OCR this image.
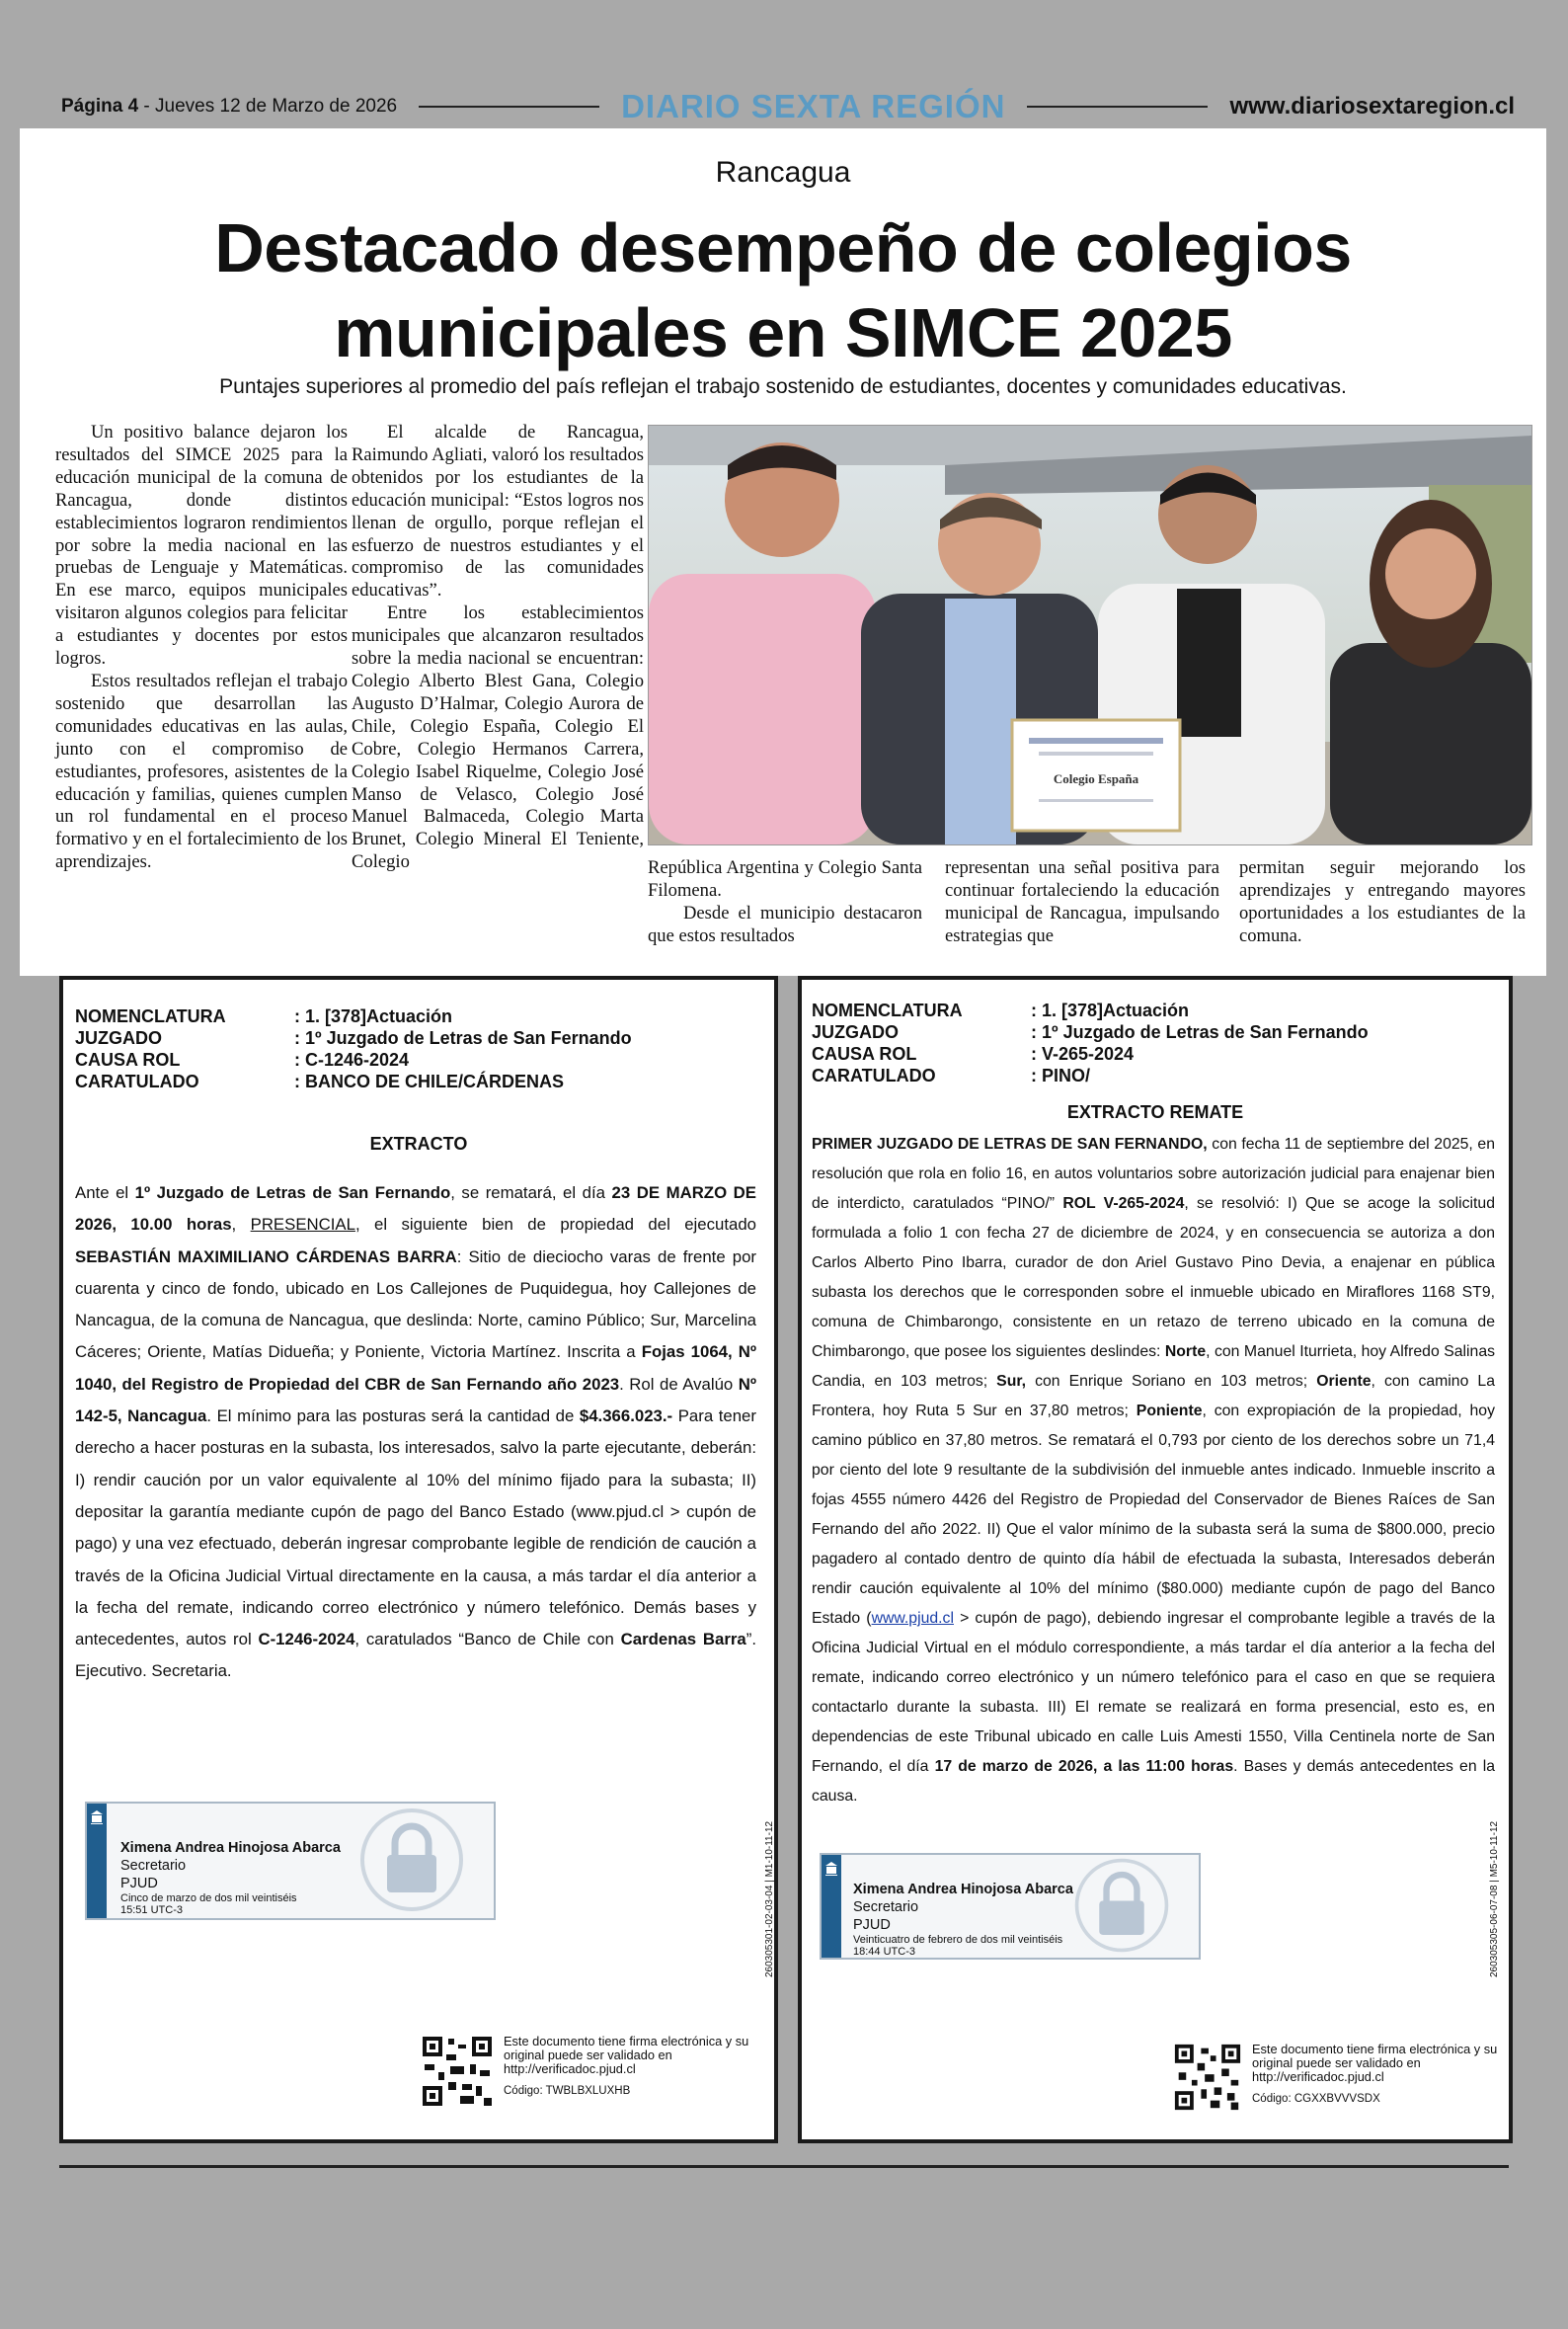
Página 4 - Jueves 12 de Marzo de 2026	DIARIO SEXTA REGIÓN	www.diariosextaregion.cl
Rancagua
Destacado desempeño de colegios
municipales en SIMCE 2025
Puntajes superiores al promedio del país reflejan el trabajo sostenido de estudiantes, docentes y comunidades educativas.

Un positivo balance dejaron los resultados del SIMCE 2025 para la educación municipal de la comuna de Rancagua, donde distintos establecimientos lograron rendimientos por sobre la media nacional en las pruebas de Lenguaje y Matemáticas. En ese marco, equipos municipales visitaron algunos colegios para felicitar a estudiantes y docentes por estos logros.

Estos resultados reflejan el trabajo sostenido que desarrollan las comunidades educativas en las aulas, junto con el compromiso de estudiantes, profesores, asistentes de la educación y familias, quienes cumplen un rol fundamental en el proceso formativo y en el fortalecimiento de los aprendizajes.

El alcalde de Rancagua, Raimundo Agliati, valoró los resultados obtenidos por los estudiantes de la educación municipal: “Estos logros nos llenan de orgullo, porque reflejan el esfuerzo de nuestros estudiantes y el compromiso de las comunidades educativas”.

Entre los establecimientos municipales que alcanzaron resultados sobre la media nacional se encuentran: Colegio Alberto Blest Gana, Colegio Augusto D’Halmar, Colegio Aurora de Chile, Colegio España, Colegio El Cobre, Colegio Hermanos Carrera, Colegio Isabel Riquelme, Colegio José Manso de Velasco, Colegio José Manuel Balmaceda, Colegio Marta Brunet, Colegio Mineral El Teniente, Colegio

Colegio España

República Argentina y Colegio Santa Filomena.

Desde el municipio destacaron que estos resultados

representan una señal positiva para continuar fortaleciendo la educación municipal de Rancagua, impulsando estrategias que

permitan seguir mejorando los aprendizajes y entregando mayores oportunidades a los estudiantes de la comuna.

NOMENCLATURA	: 1. [378]Actuación
JUZGADO	: 1º Juzgado de Letras de San Fernando
CAUSA ROL	: C-1246-2024
CARATULADO	: BANCO DE CHILE/CÁRDENAS
EXTRACTO

Ante el 1º Juzgado de Letras de San Fernando, se rematará, el día 23 DE MARZO DE 2026, 10.00 horas, PRESENCIAL, el siguiente bien de propiedad del ejecutado SEBASTIÁN MAXIMILIANO CÁRDENAS BARRA: Sitio de dieciocho varas de frente por cuarenta y cinco de fondo, ubicado en Los Callejones de Puquidegua, hoy Callejones de Nancagua, de la comuna de Nancagua, que deslinda: Norte, camino Público; Sur, Marcelina Cáceres; Oriente, Matías Didueña; y Poniente, Victoria Martínez. Inscrita a Fojas 1064, Nº 1040, del Registro de Propiedad del CBR de San Fernando año 2023. Rol de Avalúo Nº 142-5, Nancagua. El mínimo para las posturas será la cantidad de $4.366.023.- Para tener derecho a hacer posturas en la subasta, los interesados, salvo la parte ejecutante, deberán: I) rendir caución por un valor equivalente al 10% del mínimo fijado para la subasta; II) depositar la garantía mediante cupón de pago del Banco Estado (www.pjud.cl > cupón de pago) y una vez efectuado, deberán ingresar comprobante legible de rendición de caución a través de la Oficina Judicial Virtual directamente en la causa, a más tardar el día anterior a la fecha del remate, indicando correo electrónico y número telefónico. Demás bases y antecedentes, autos rol C-1246-2024, caratulados “Banco de Chile con Cardenas Barra”. Ejecutivo. Secretaria.

Ximena Andrea Hinojosa Abarca
Secretario
PJUD
Cinco de marzo de dos mil veintiséis
15:51 UTC-3	260305301-02-03-04 | M1-10-11-12
Este documento tiene firma electrónica y su original puede ser validado en http://verificadoc.pjud.cl
Código: TWBLBXLUXHB
NOMENCLATURA	: 1. [378]Actuación
JUZGADO	: 1º Juzgado de Letras de San Fernando
CAUSA ROL	: V-265-2024
CARATULADO	: PINO/
EXTRACTO REMATE

PRIMER JUZGADO DE LETRAS DE SAN FERNANDO, con fecha 11 de septiembre del 2025, en resolución que rola en folio 16, en autos voluntarios sobre autorización judicial para enajenar bien de interdicto, caratulados “PINO/” ROL V-265-2024, se resolvió: I) Que se acoge la solicitud formulada a folio 1 con fecha 27 de diciembre de 2024, y en consecuencia se autoriza a don Carlos Alberto Pino Ibarra, curador de don Ariel Gustavo Pino Devia, a enajenar en pública subasta los derechos que le corresponden sobre el inmueble ubicado en Miraflores 1168 ST9, comuna de Chimbarongo, consistente en un retazo de terreno ubicado en la comuna de Chimbarongo, que posee los siguientes deslindes: Norte, con Manuel Iturrieta, hoy Alfredo Salinas Candia, en 103 metros; Sur, con Enrique Soriano en 103 metros; Oriente, con camino La Frontera, hoy Ruta 5 Sur en 37,80 metros; Poniente, con expropiación de la propiedad, hoy camino público en 37,80 metros. Se rematará el 0,793 por ciento de los derechos sobre un 71,4 por ciento del lote 9 resultante de la subdivisión del inmueble antes indicado. Inmueble inscrito a fojas 4555 número 4426 del Registro de Propiedad del Conservador de Bienes Raíces de San Fernando del año 2022. II) Que el valor mínimo de la subasta será la suma de $800.000, precio pagadero al contado dentro de quinto día hábil de efectuada la subasta, Interesados deberán rendir caución equivalente al 10% del mínimo ($80.000) mediante cupón de pago del Banco Estado (www.pjud.cl > cupón de pago), debiendo ingresar el comprobante legible a través de la Oficina Judicial Virtual en el módulo correspondiente, a más tardar el día anterior a la fecha del remate, indicando correo electrónico y un número telefónico para el caso en que se requiera contactarlo durante la subasta. III) El remate se realizará en forma presencial, esto es, en dependencias de este Tribunal ubicado en calle Luis Amesti 1550, Villa Centinela norte de San Fernando, el día 17 de marzo de 2026, a las 11:00 horas. Bases y demás antecedentes en la causa.

Ximena Andrea Hinojosa Abarca
Secretario
PJUD
Veinticuatro de febrero de dos mil veintiséis
18:44 UTC-3	260305305-06-07-08 | M5-10-11-12
Este documento tiene firma electrónica y su original puede ser validado en http://verificadoc.pjud.cl
Código: CGXXBVVVSDX
